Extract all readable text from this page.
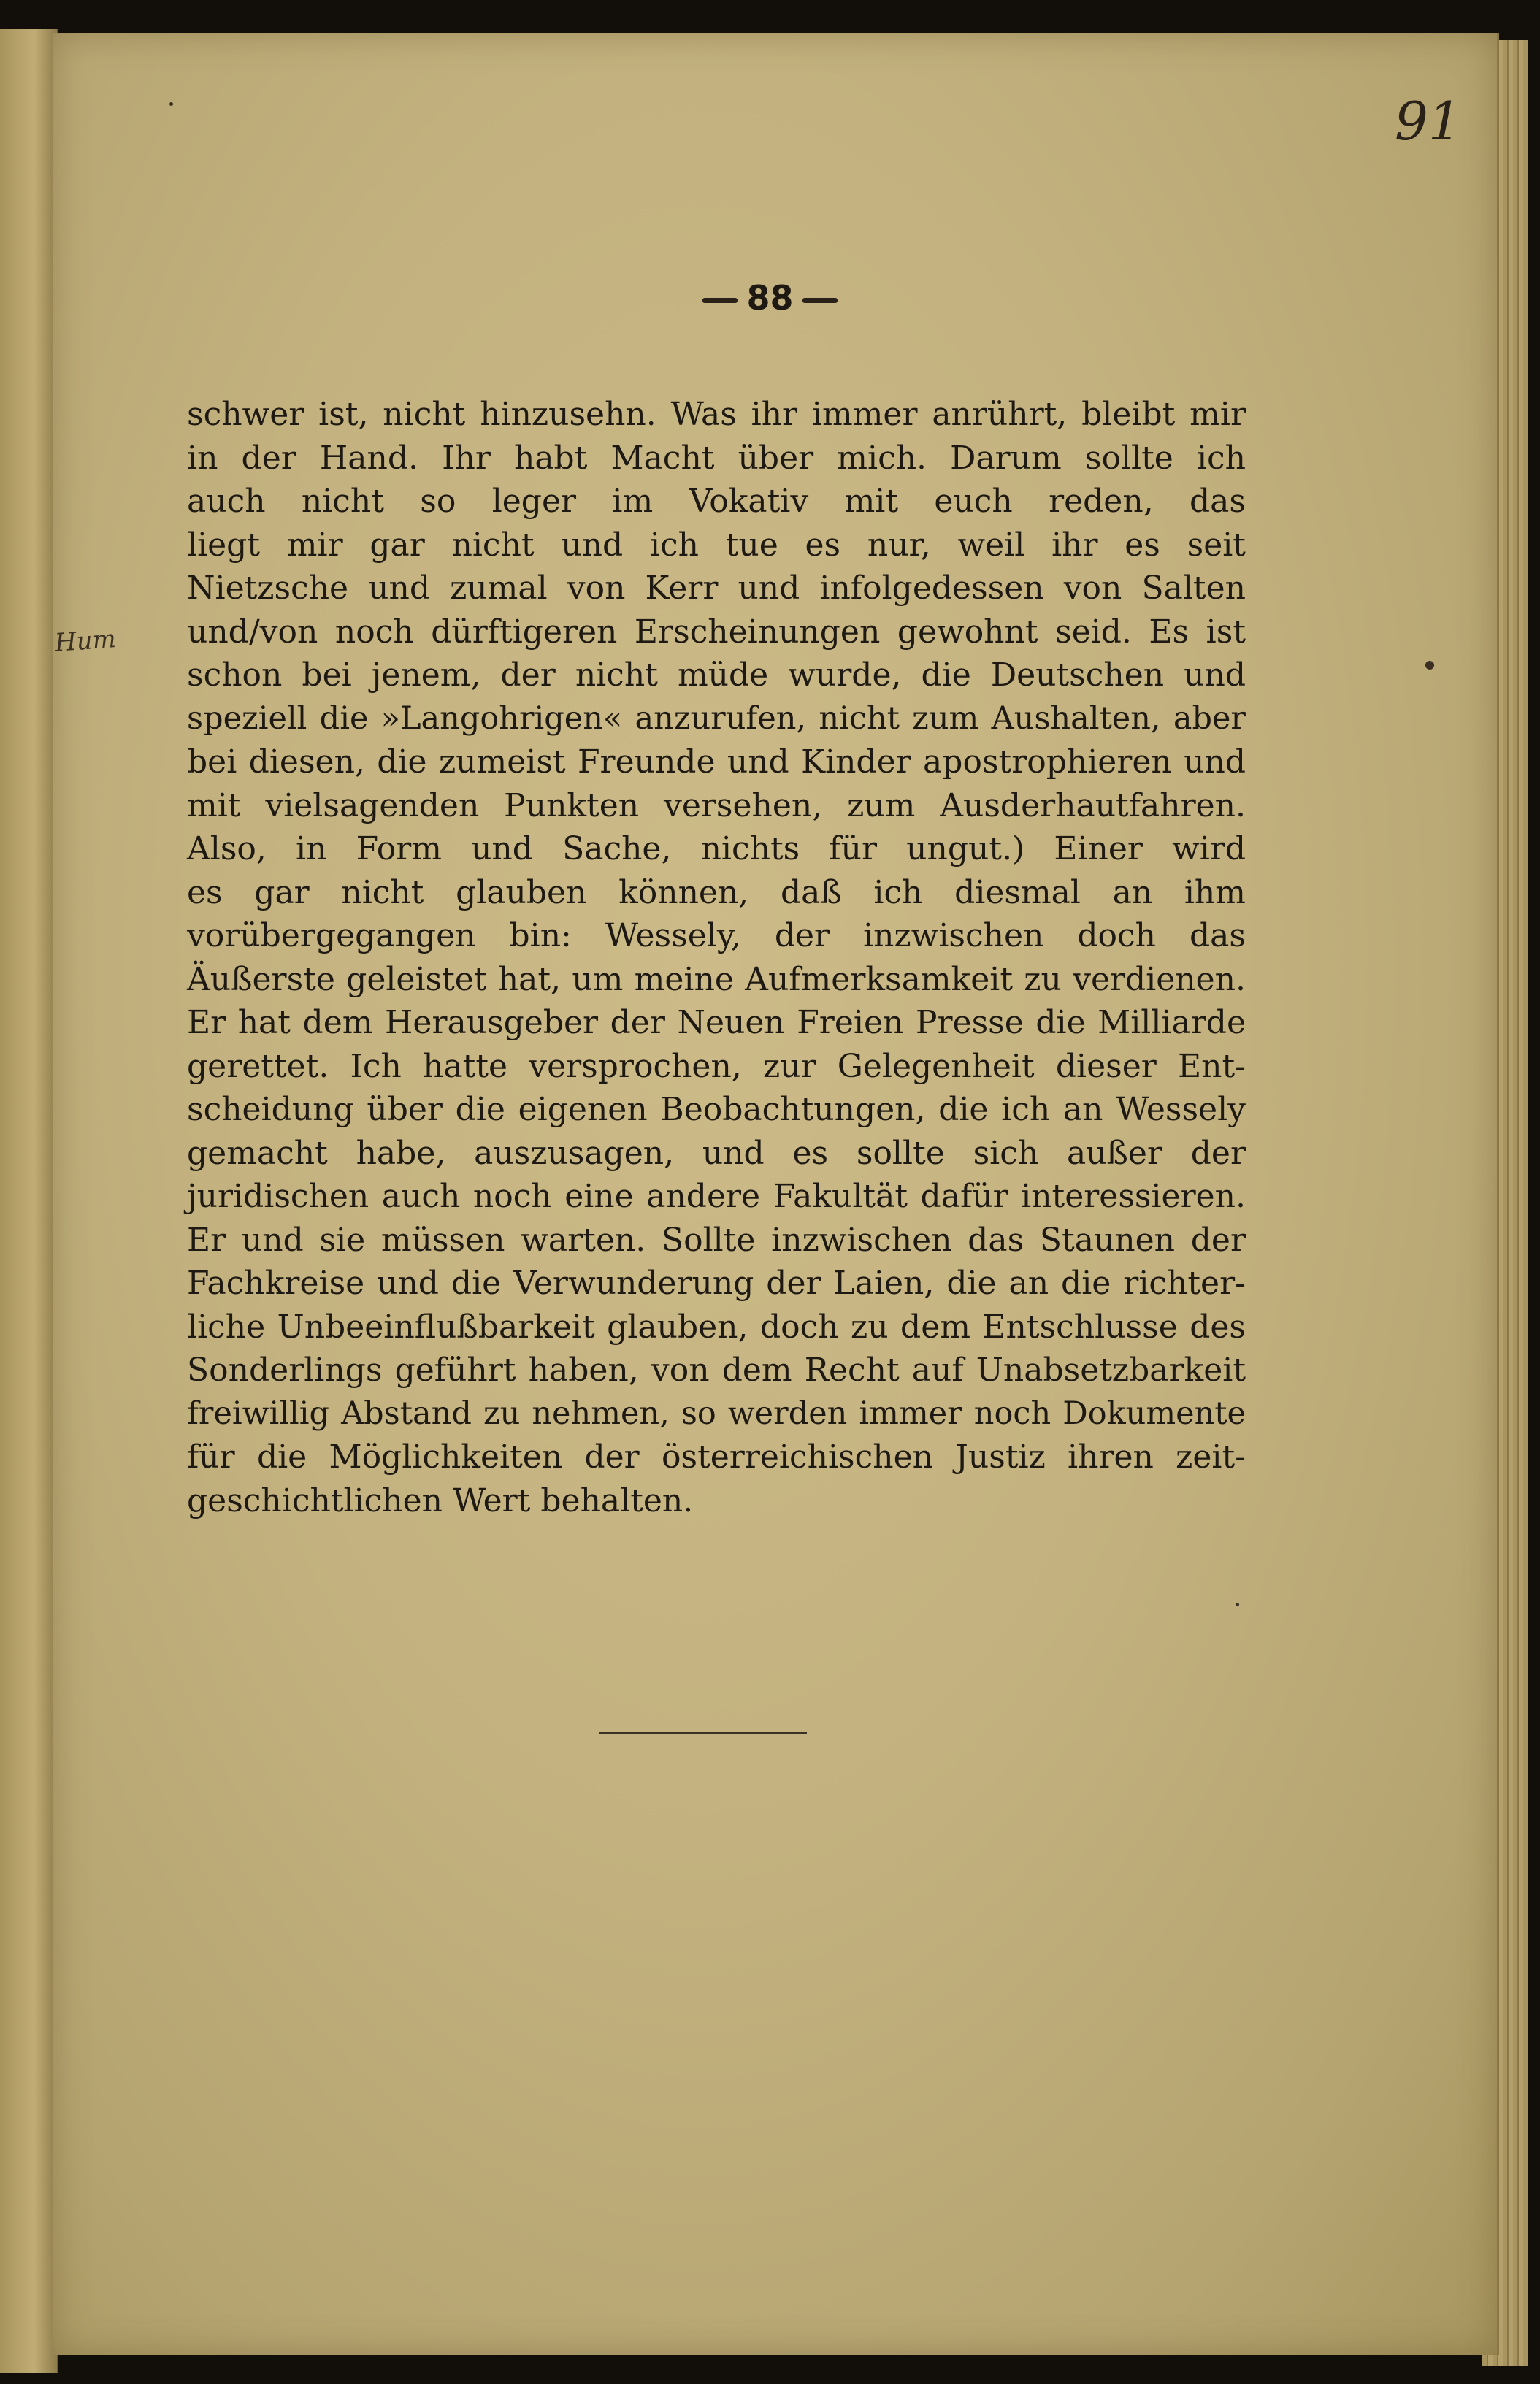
91
88
Hum
schwer ist, nicht hinzusehn. Was ihr immer anrührt, bleibt mir
in der Hand. Ihr habt Macht über mich. Darum sollte ich
auch nicht so leger im Vokativ mit euch reden, das
liegt mir gar nicht und ich tue es nur, weil ihr es seit
Nietzsche und zumal von Kerr und infolgedessen von Salten
und/von noch dürftigeren Erscheinungen gewohnt seid. Es ist
schon bei jenem, der nicht müde wurde, die Deutschen und
speziell die »Langohrigen« anzurufen, nicht zum Aushalten, aber
bei diesen, die zumeist Freunde und Kinder apostrophieren und
mit vielsagenden Punkten versehen, zum Ausderhautfahren.
Also, in Form und Sache, nichts für ungut.) Einer wird
es gar nicht glauben können, daß ich diesmal an ihm
vorübergegangen bin: Wessely, der inzwischen doch das
Äußerste geleistet hat, um meine Aufmerksamkeit zu verdienen.
Er hat dem Herausgeber der Neuen Freien Presse die Milliarde
gerettet. Ich hatte versprochen, zur Gelegenheit dieser Ent-
scheidung über die eigenen Beobachtungen, die ich an Wessely
gemacht habe, auszusagen, und es sollte sich außer der
juridischen auch noch eine andere Fakultät dafür interessieren.
Er und sie müssen warten. Sollte inzwischen das Staunen der
Fachkreise und die Verwunderung der Laien, die an die richter-
liche Unbeeinflußbarkeit glauben, doch zu dem Entschlusse des
Sonderlings geführt haben, von dem Recht auf Unabsetzbarkeit
freiwillig Abstand zu nehmen, so werden immer noch Dokumente
für die Möglichkeiten der österreichischen Justiz ihren zeit-
geschichtlichen Wert behalten.
